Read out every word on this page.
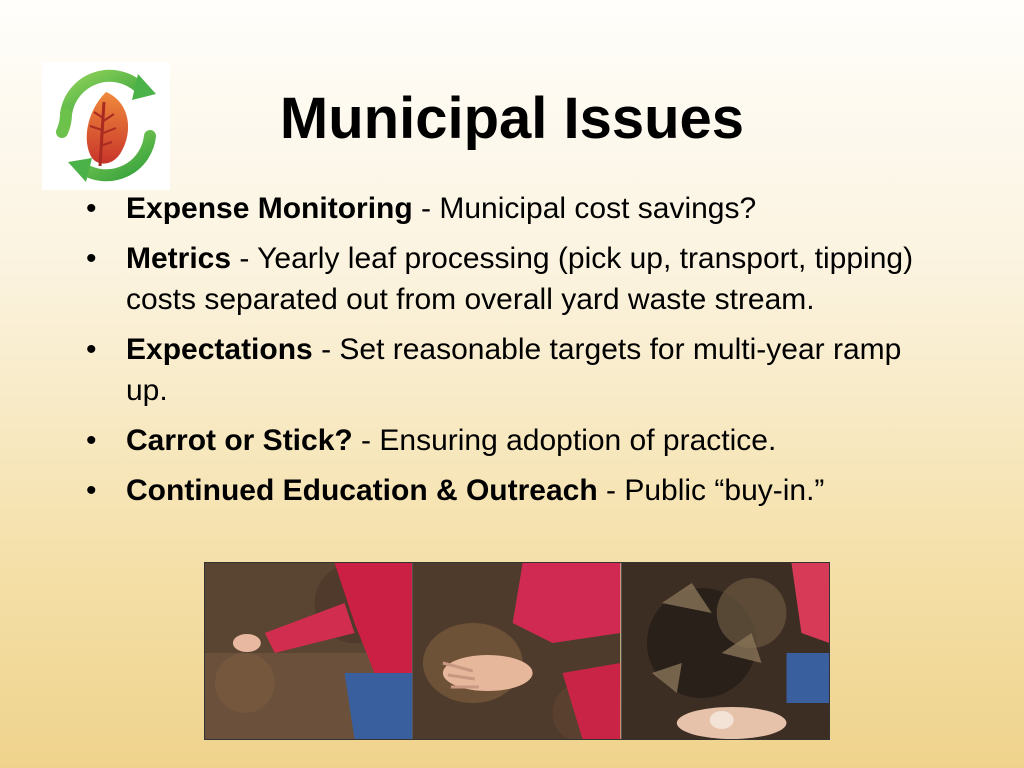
Municipal Issues
• Expense Monitoring - Municipal cost savings?
• Metrics - Yearly leaf processing (pick up, transport, tipping) costs separated out from overall yard waste stream.
• Expectations - Set reasonable targets for multi-year ramp up.
• Carrot or Stick? - Ensuring adoption of practice.
• Continued Education & Outreach - Public “buy-in.”
